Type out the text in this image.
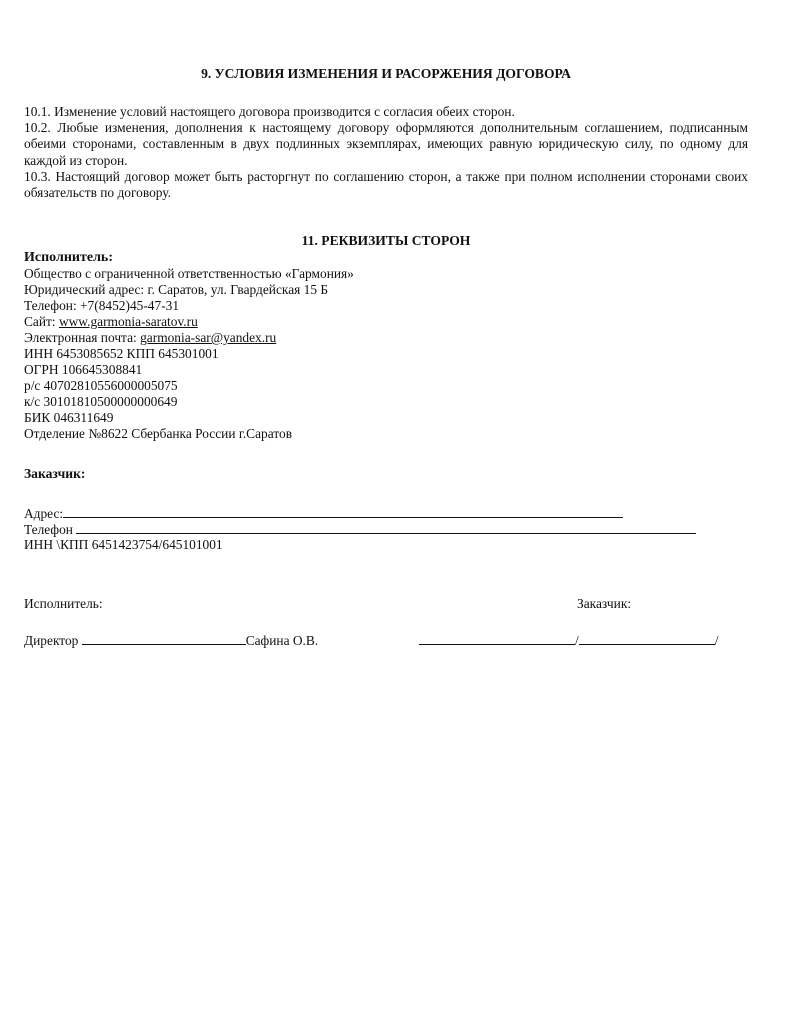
9. УСЛОВИЯ ИЗМЕНЕНИЯ И РАСОРЖЕНИЯ ДОГОВОРА
10.1. Изменение условий настоящего договора производится с согласия обеих сторон.
10.2. Любые изменения, дополнения к настоящему договору оформляются дополнительным соглашением, подписанным обеими сторонами, составленным в двух подлинных экземплярах, имеющих равную юридическую силу, по одному для каждой из сторон.
10.3. Настоящий договор может быть расторгнут по соглашению сторон, а также при полном исполнении сторонами своих обязательств по договору.
11. РЕКВИЗИТЫ СТОРОН
Исполнитель:
Общество с ограниченной ответственностью «Гармония»
Юридический адрес: г. Саратов, ул. Гвардейская 15 Б
Телефон: +7(8452)45-47-31
Сайт: www.garmonia-saratov.ru
Электронная почта: garmonia-sar@yandex.ru
ИНН 6453085652 КПП 645301001
ОГРН 106645308841
р/с 40702810556000005075
к/с 30101810500000000649
БИК 046311649
Отделение №8622 Сбербанка России г.Саратов
Заказчик:
Адрес:
Телефон
ИНН \КПП 6451423754/645101001
Исполнитель:	Заказчик:
Директор	Сафина О.В.	/	/
